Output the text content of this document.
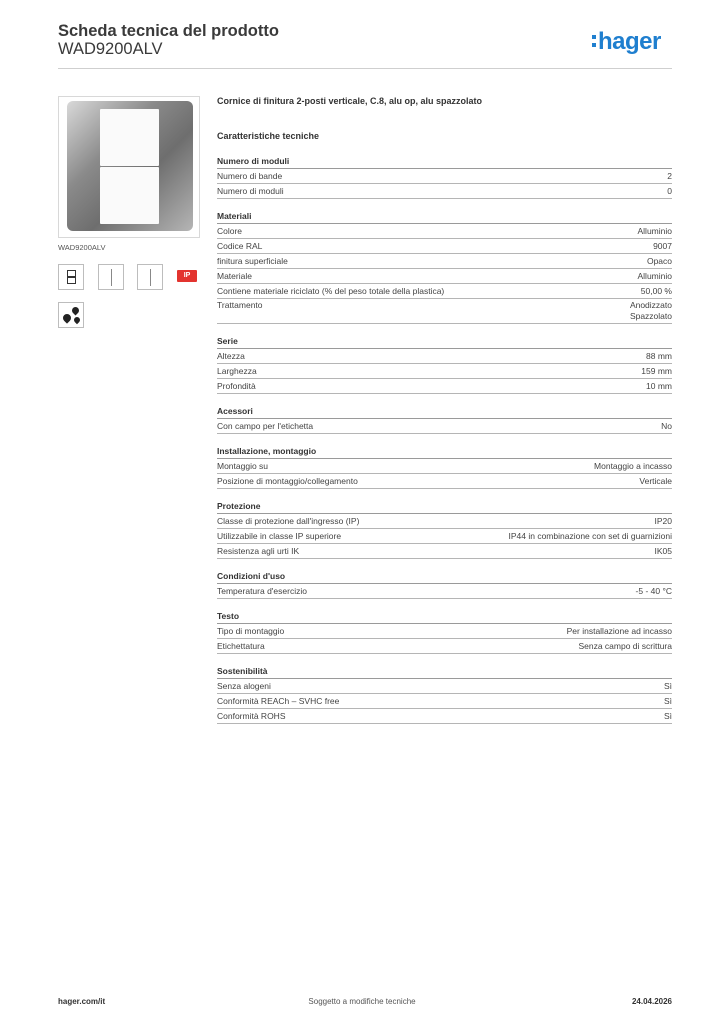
Scheda tecnica del prodotto
WAD9200ALV	hager
WAD9200ALV
IP
Cornice di finitura 2-posti verticale, C.8, alu op, alu spazzolato
Caratteristiche tecniche
Numero di moduli
Numero di bande	2
Numero di moduli	0
Materiali
Colore	Alluminio
Codice RAL	9007
finitura superficiale	Opaco
Materiale	Alluminio
Contiene materiale riciclato (% del peso totale della plastica)	50,00 %
Trattamento	Anodizzato
Spazzolato
Serie
Altezza	88 mm
Larghezza	159 mm
Profondità	10 mm
Acessori
Con campo per l'etichetta	No
Installazione, montaggio
Montaggio su	Montaggio a incasso
Posizione di montaggio/collegamento	Verticale
Protezione
Classe di protezione dall'ingresso (IP)	IP20
Utilizzabile in classe IP superiore	IP44 in combinazione con set di guarnizioni
Resistenza agli urti IK	IK05
Condizioni d'uso
Temperatura d'esercizio	-5 - 40 °C
Testo
Tipo di montaggio	Per installazione ad incasso
Etichettatura	Senza campo di scrittura
Sostenibilità
Senza alogeni	Sì
Conformità REACh – SVHC free	Sì
Conformità ROHS	Sì
hager.com/it	Soggetto a modifiche tecniche	24.04.2026
